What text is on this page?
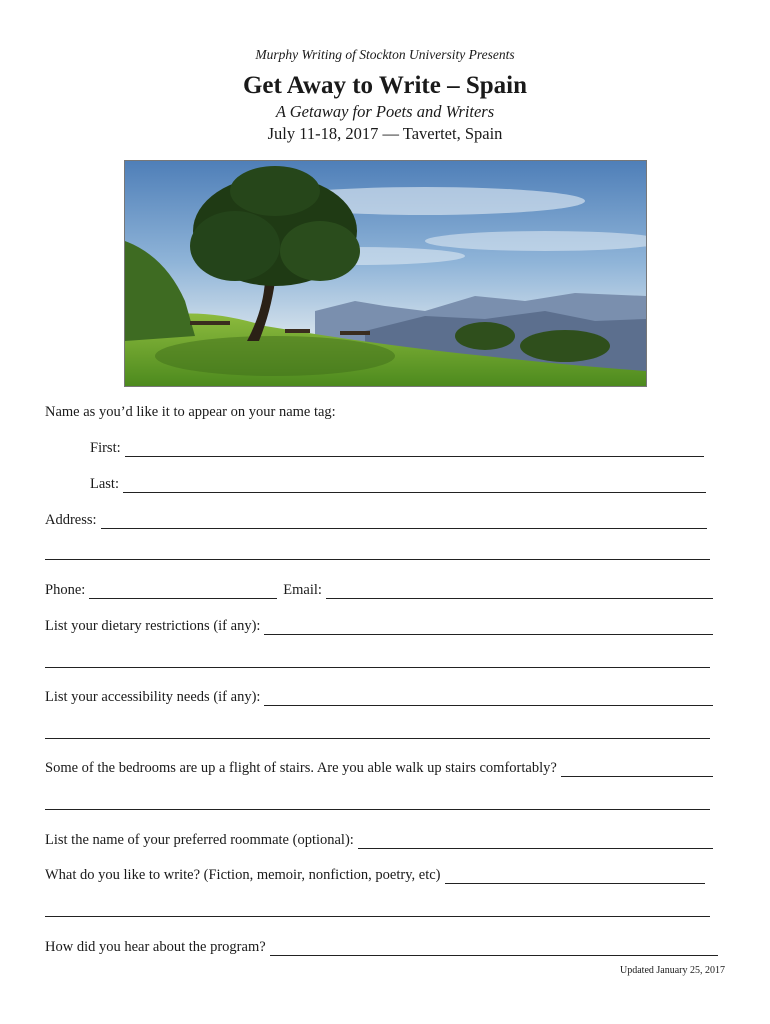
Murphy Writing of Stockton University Presents
Get Away to Write – Spain
A Getaway for Poets and Writers
July 11-18, 2017 — Tavertet, Spain
Name as you’d like it to appear on your name tag:
First:
Last:
Address:
Phone:	Email:
List your dietary restrictions (if any):
List your accessibility needs (if any):
Some of the bedrooms are up a flight of stairs. Are you able walk up stairs comfortably?
List the name of your preferred roommate (optional):
What do you like to write? (Fiction, memoir, nonfiction, poetry, etc)
How did you hear about the program?
Updated January 25, 2017
